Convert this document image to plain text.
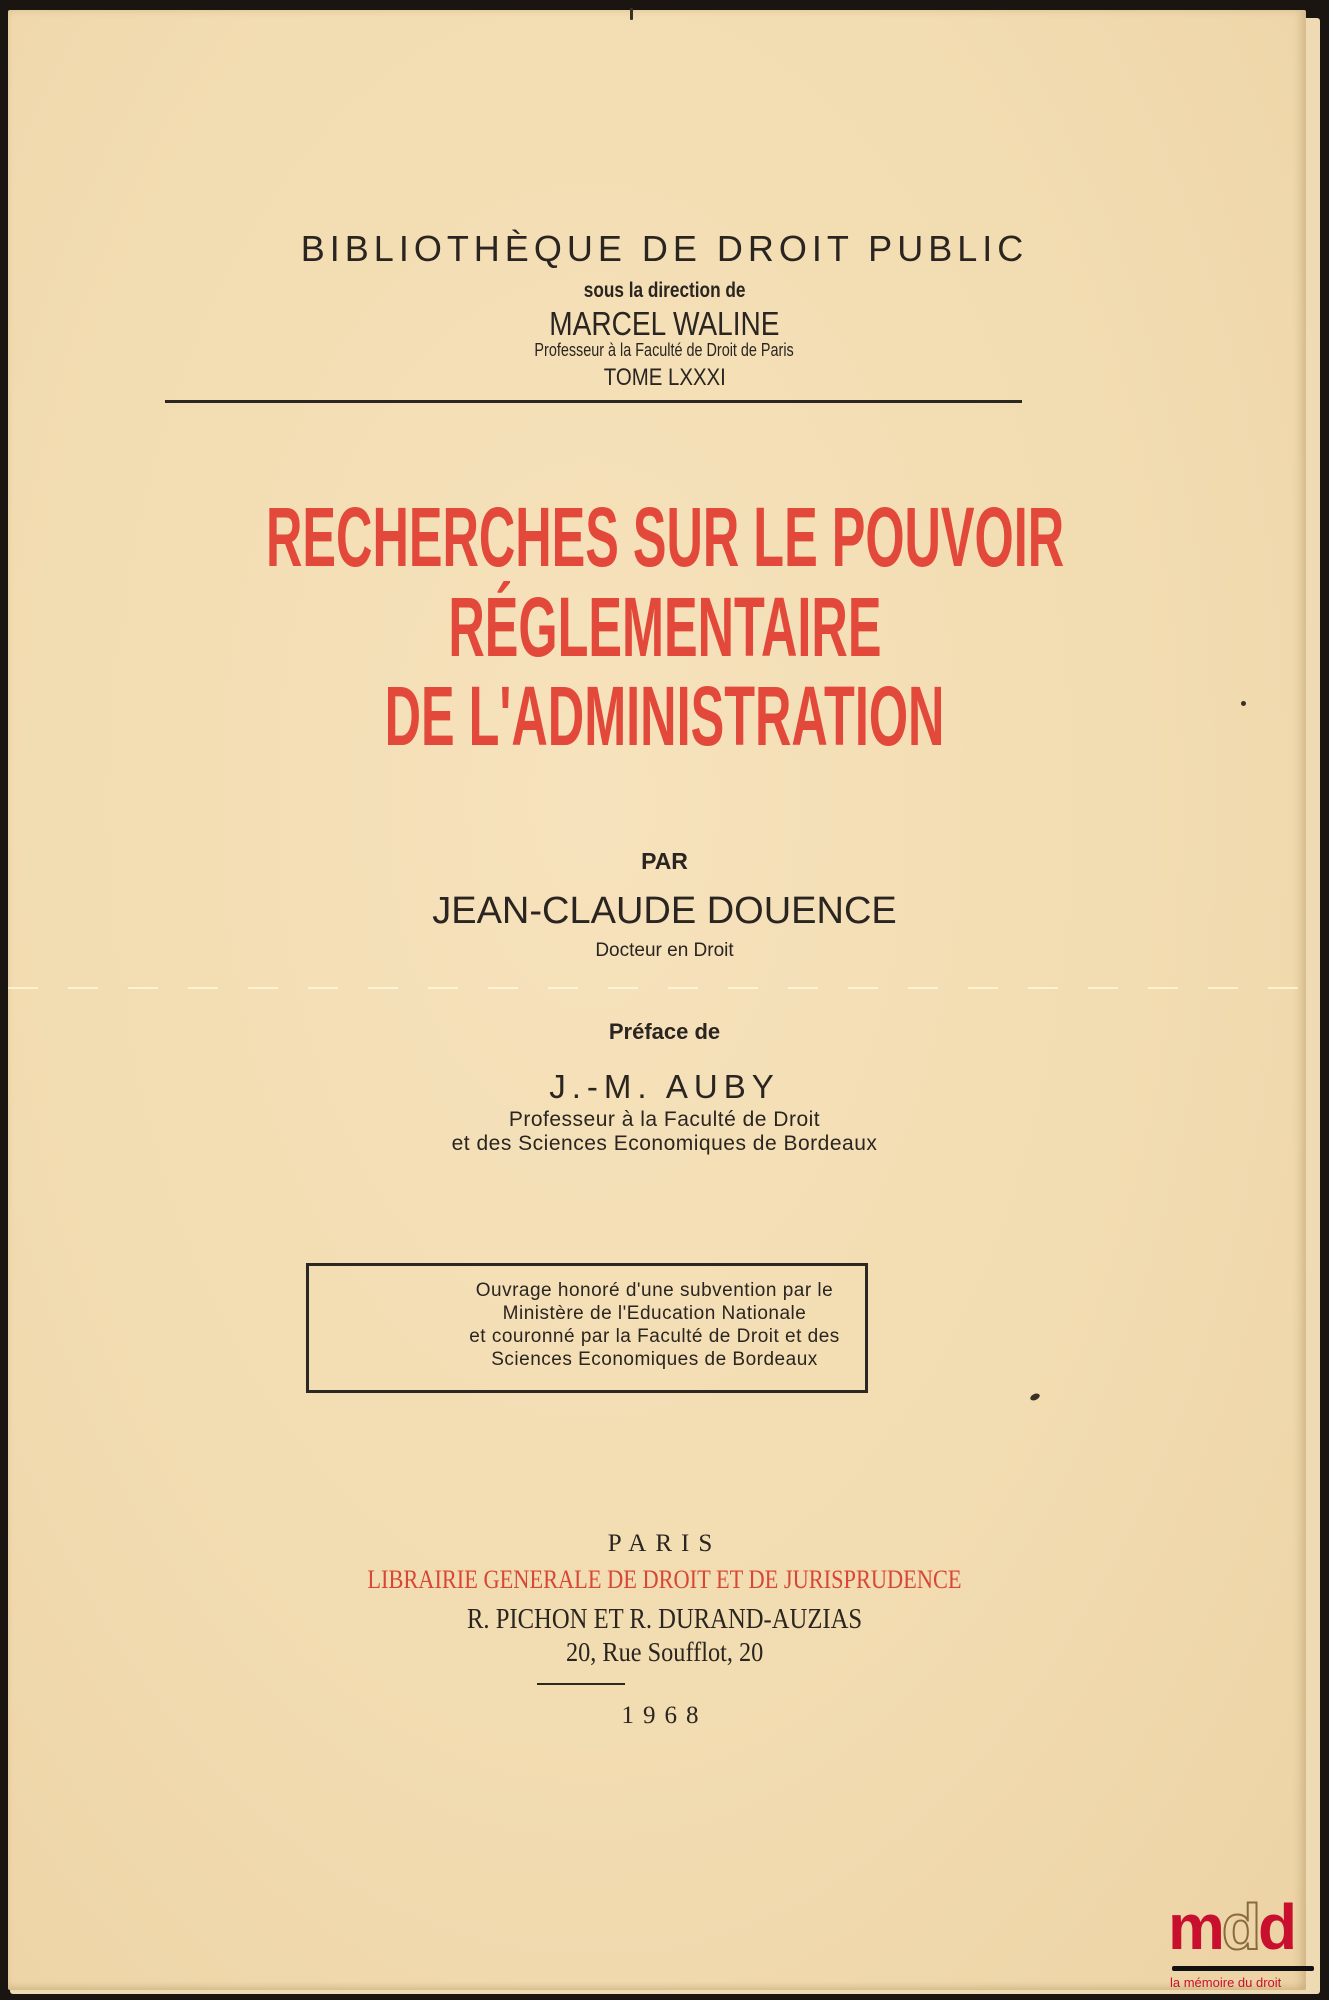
BIBLIOTHÈQUE DE DROIT PUBLIC
sous la direction de
MARCEL WALINE
Professeur à la Faculté de Droit de Paris
TOME LXXXI
RECHERCHES SUR LE POUVOIR
RÉGLEMENTAIRE
DE L'ADMINISTRATION
PAR
JEAN-CLAUDE DOUENCE
Docteur en Droit
Préface de
J.-M. AUBY
Professeur à la Faculté de Droit
et des Sciences Economiques de Bordeaux
Ouvrage honoré d'une subvention par le
Ministère de l'Education Nationale
et couronné par la Faculté de Droit et des
Sciences Economiques de Bordeaux
PARIS
LIBRAIRIE GENERALE DE DROIT ET DE JURISPRUDENCE
R. PICHON ET R. DURAND-AUZIAS
20, Rue Soufflot, 20
1968
mdd
la mémoire du droit
